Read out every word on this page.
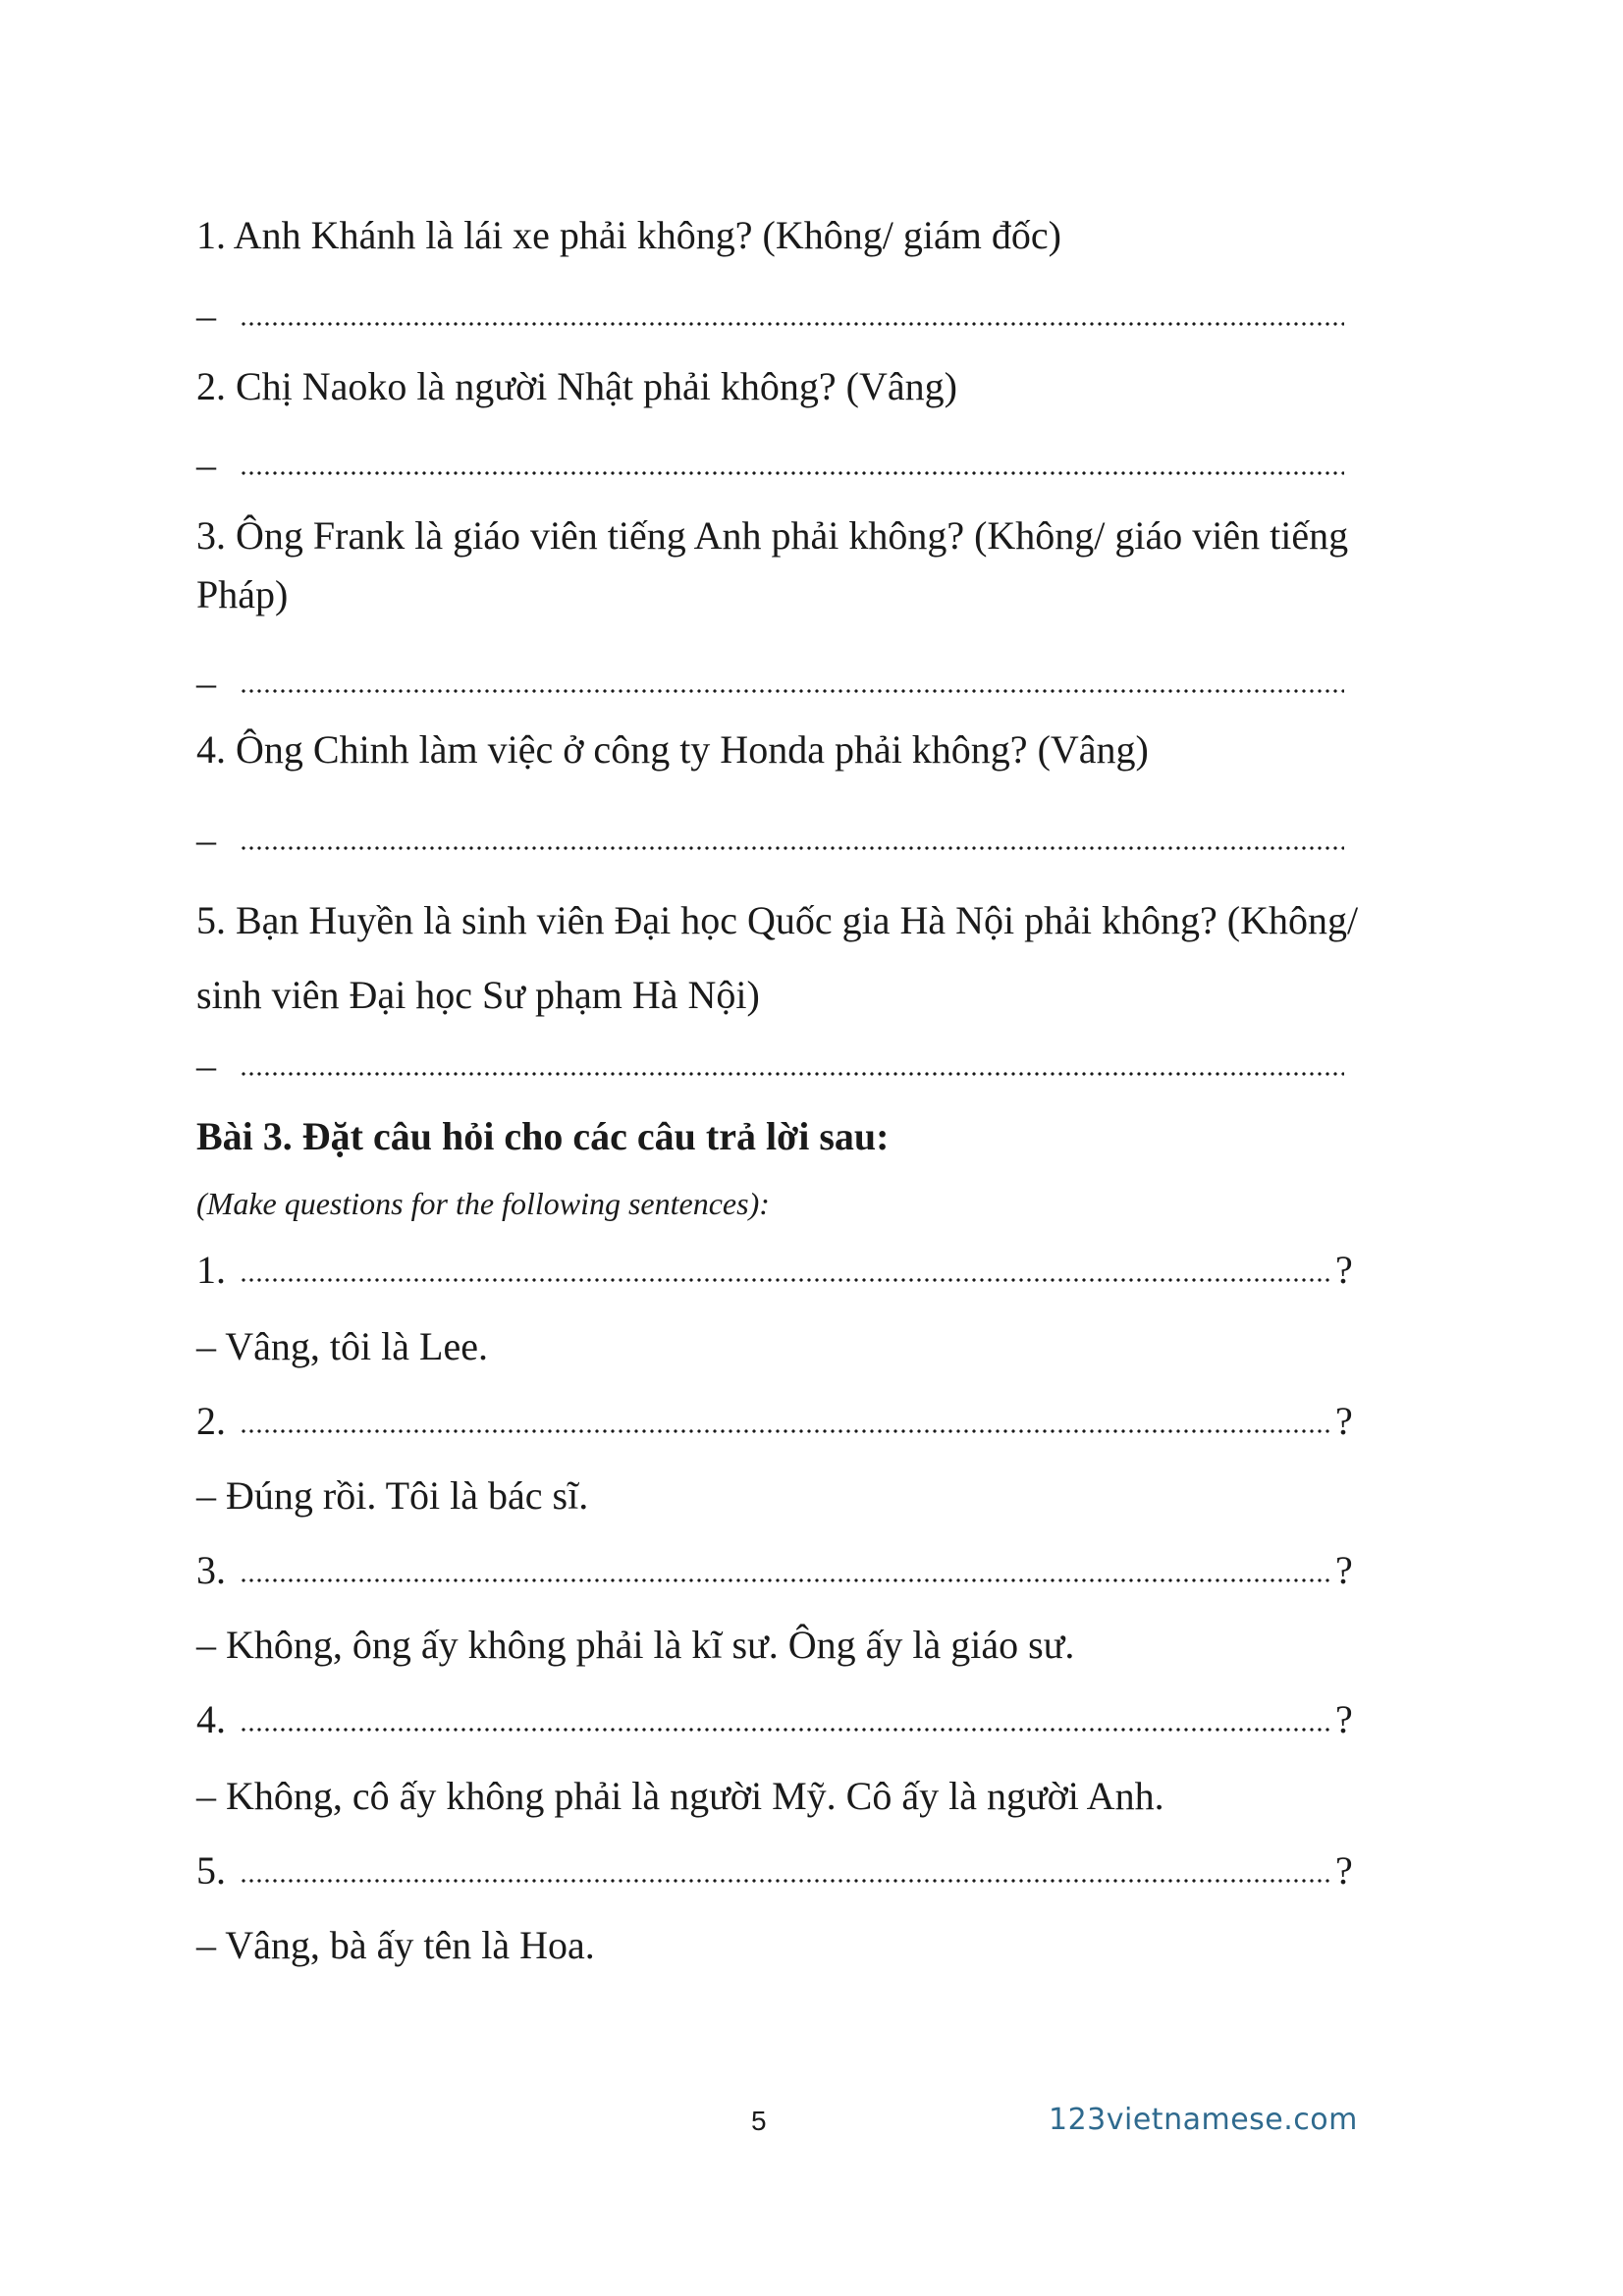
1. Anh Khánh là lái xe phải không? (Không/ giám đốc)
–
2. Chị Naoko là người Nhật phải không? (Vâng)
–
3. Ông Frank là giáo viên tiếng Anh phải không? (Không/ giáo viên tiếng Pháp)
–
4. Ông Chinh làm việc ở công ty Honda phải không? (Vâng)
–
5. Bạn Huyền là sinh viên Đại học Quốc gia Hà Nội phải không? (Không/ sinh viên Đại học Sư phạm Hà Nội)
–
Bài 3. Đặt câu hỏi cho các câu trả lời sau:
(Make questions for the following sentences):
1.	?
– Vâng, tôi là Lee.
2.	?
– Đúng rồi. Tôi là bác sĩ.
3.	?
– Không, ông ấy không phải là kĩ sư. Ông ấy là giáo sư.
4.	?
– Không, cô ấy không phải là người Mỹ. Cô ấy là người Anh.
5.	?
– Vâng, bà ấy tên là Hoa.
5	123vietnamese.com
